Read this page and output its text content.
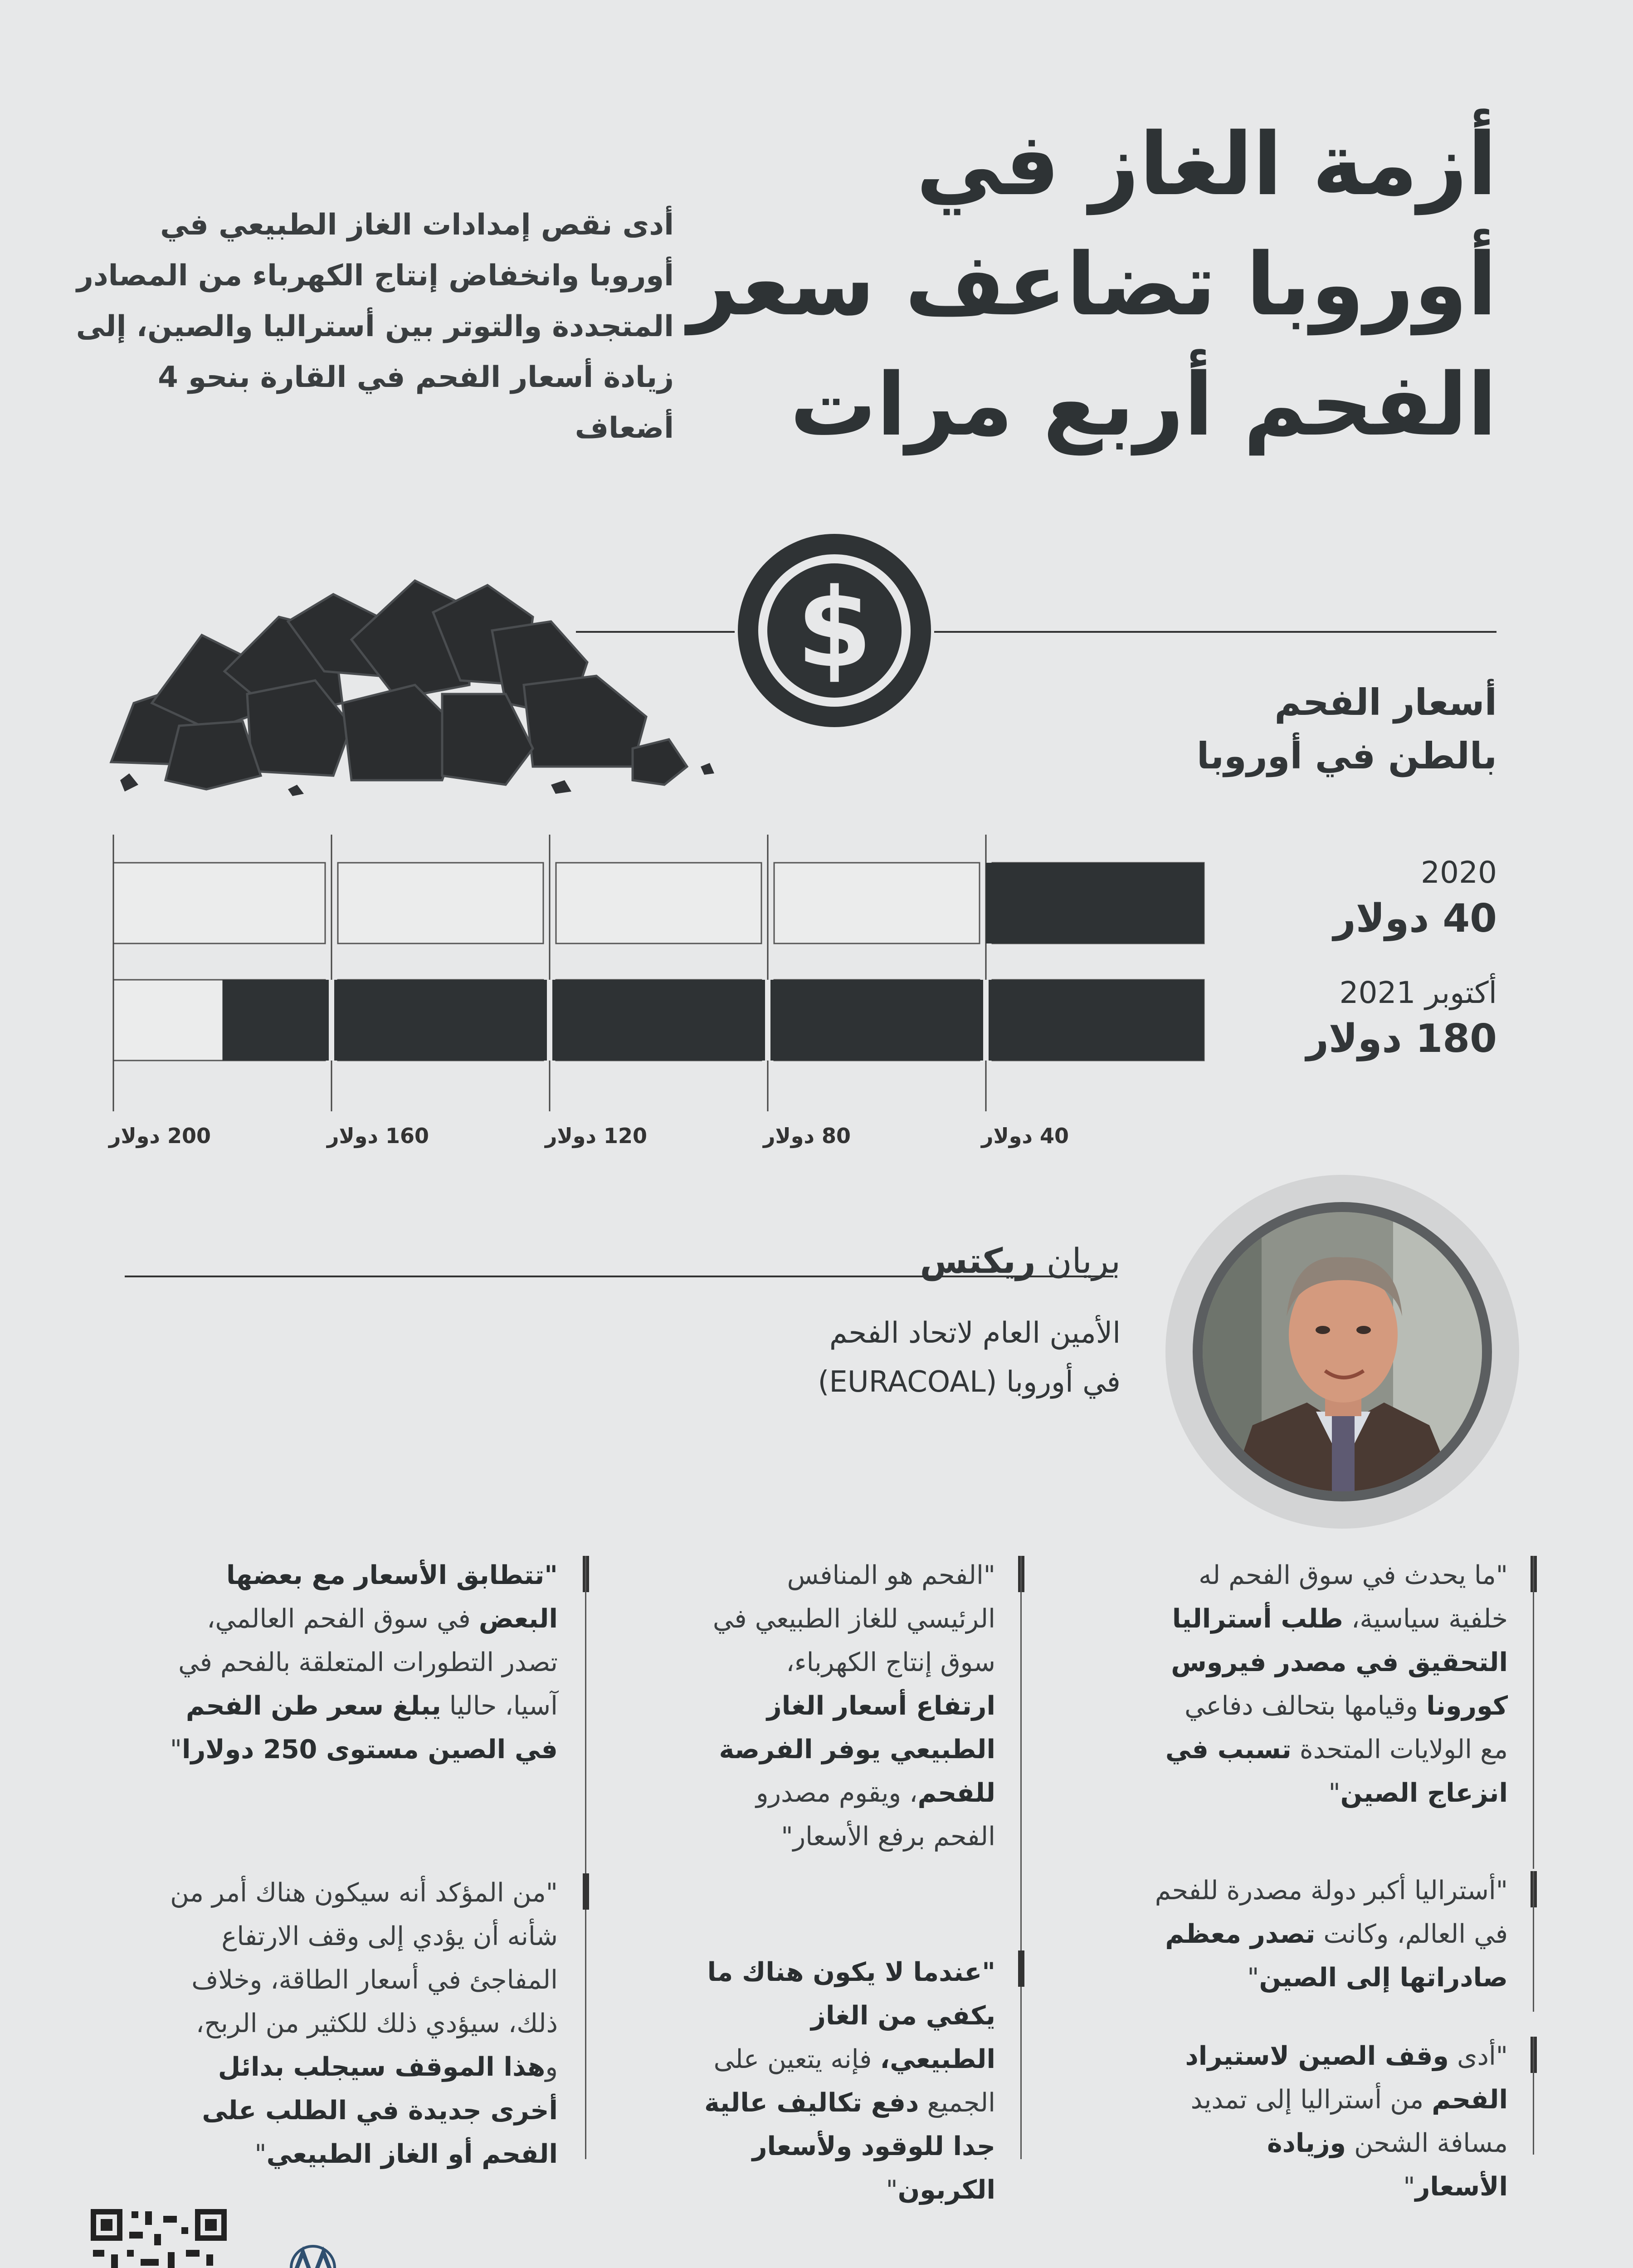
أزمة الغاز في
أوروبا تضاعف سعر
الفحم أربع مرات
أدى نقص إمدادات الغاز الطبيعي في أوروبا وانخفاض إنتاج الكهرباء من المصادر المتجددة والتوتر بين أستراليا والصين، إلى زيادة أسعار الفحم في القارة بنحو 4 أضعاف
$
أسعار الفحم بالطن في أوروبا
40 دولار
80 دولار
120 دولار
160 دولار
200 دولار
2020
40 دولار
أكتوبر 2021
180 دولار
بريان ريكتس
الأمين العام لاتحاد الفحم
في أوروبا (EURACOAL)
"ما يحدث في سوق الفحم له خلفية سياسية، طلب أستراليا التحقيق في مصدر فيروس كورونا وقيامها بتحالف دفاعي مع الولايات المتحدة تسبب في انزعاج الصين"
"أستراليا أكبر دولة مصدرة للفحم في العالم، وكانت تصدر معظم صادراتها إلى الصين"
"أدى وقف الصين لاستيراد الفحم من أستراليا إلى تمديد مسافة الشحن وزيادة الأسعار"
"الفحم هو المنافس الرئيسي للغاز الطبيعي في سوق إنتاج الكهرباء، ارتفاع أسعار الغاز الطبيعي يوفر الفرصة للفحم، ويقوم مصدرو الفحم برفع الأسعار"
"عندما لا يكون هناك ما يكفي من الغاز الطبيعي، فإنه يتعين على الجميع دفع تكاليف عالية جدا للوقود ولأسعار الكربون"
"تتطابق الأسعار مع بعضها البعض في سوق الفحم العالمي، تصدر التطورات المتعلقة بالفحم في آسيا، حاليا يبلغ سعر طن الفحم في الصين مستوى 250 دولارا"
"من المؤكد أنه سيكون هناك أمر من شأنه أن يؤدي إلى وقف الارتفاع المفاجئ في أسعار الطاقة، وخلاف ذلك، سيؤدي ذلك للكثير من الربح، وهذا الموقف سيجلب بدائل أخرى جديدة في الطلب على الفحم أو الغاز الطبيعي"
